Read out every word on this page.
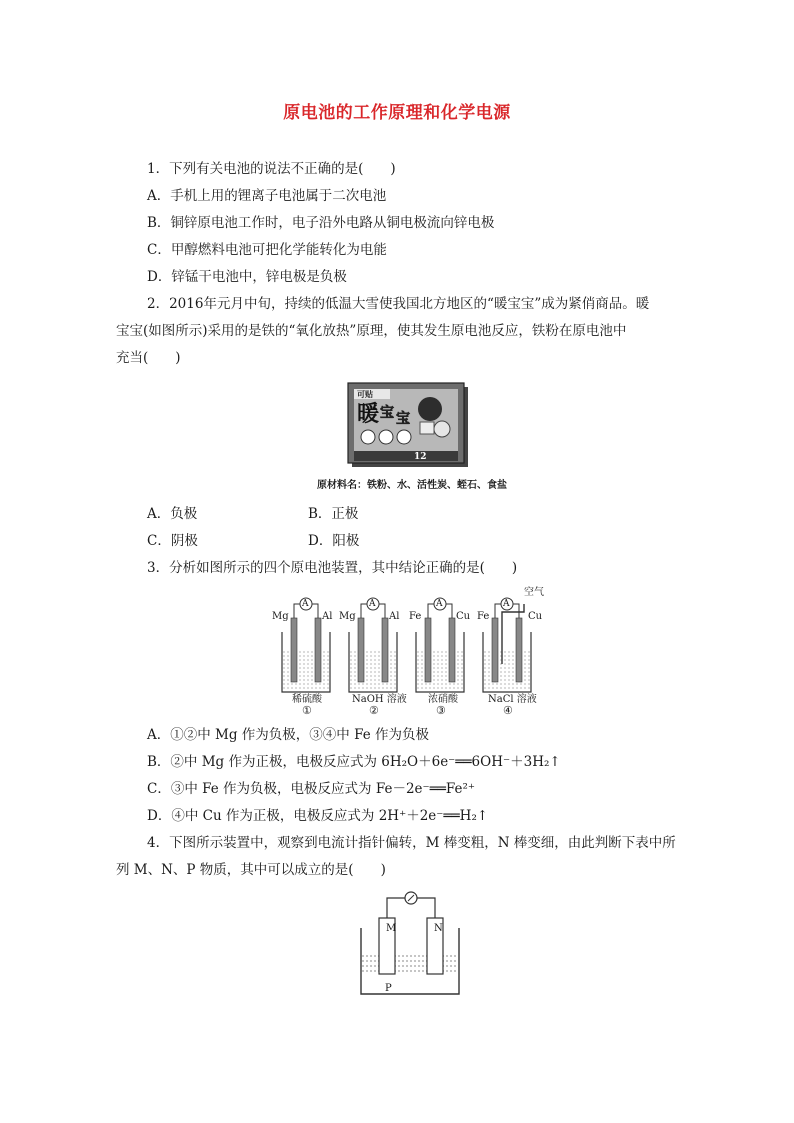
原电池的工作原理和化学电源
1．下列有关电池的说法不正确的是(　　)
A．手机上用的锂离子电池属于二次电池
B．铜锌原电池工作时，电子沿外电路从铜电极流向锌电极
C．甲醇燃料电池可把化学能转化为电能
D．锌锰干电池中，锌电极是负极
2．2016年元月中旬，持续的低温大雪使我国北方地区的“暖宝宝”成为紧俏商品。暖
宝宝(如图所示)采用的是铁的“氧化放热”原理，使其发生原电池反应，铁粉在原电池中
充当(　　)
可贴
暖 宝 宝
12
原材料名：铁粉、水、活性炭、蛭石、食盐
A．负极	B．正极
C．阴极	D．阳极
3．分析如图所示的四个原电池装置，其中结论正确的是(　　)
空气
Mg	Al Mg	Al Fe	Cu Fe	Cu
A	A	A	A
稀硫酸	NaOH 溶液 浓硝酸	NaCl 溶液
①	②	③	④
A．①②中 Mg 作为负极，③④中 Fe 作为负极
B．②中 Mg 作为正极，电极反应式为 6H₂O＋6e⁻══6OH⁻＋3H₂↑
C．③中 Fe 作为负极，电极反应式为 Fe－2e⁻══Fe²⁺
D．④中 Cu 作为正极，电极反应式为 2H⁺＋2e⁻══H₂↑
4．下图所示装置中，观察到电流计指针偏转，M 棒变粗，N 棒变细，由此判断下表中所
列 M、N、P 物质，其中可以成立的是(　　)
M	N
P
